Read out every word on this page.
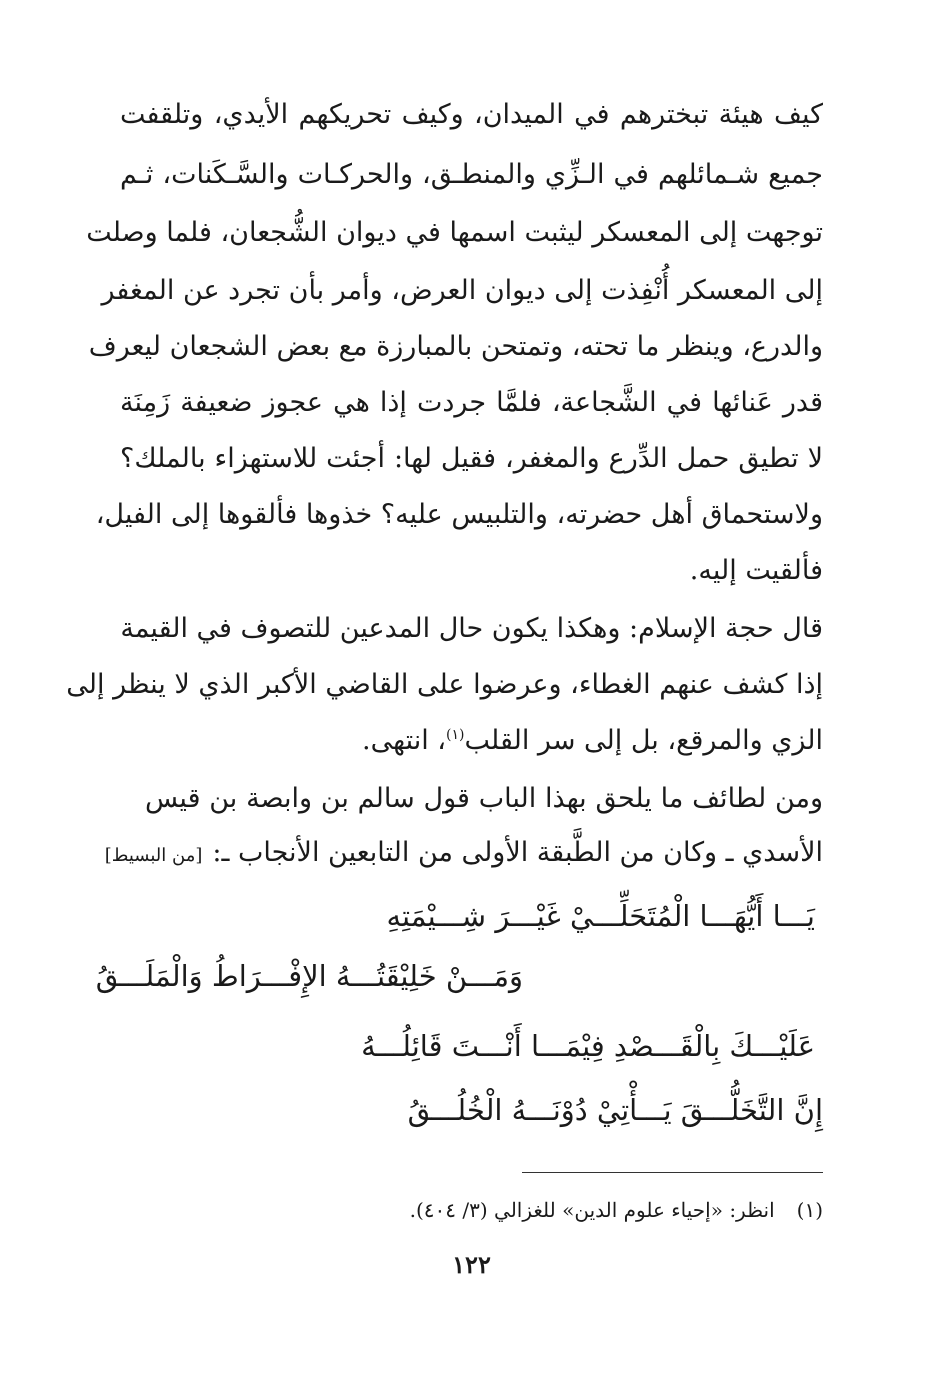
كيف هيئة تبخترهم في الميدان، وكيف تحريكهم الأيدي، وتلقفت
جميع شـمائلهم في الـزِّي والمنطـق، والحركـات والسَّـكَنات، ثـم
توجهت إلى المعسكر ليثبت اسمها في ديوان الشُّجعان، فلما وصلت
إلى المعسكر أُنْفِذت إلى ديوان العرض، وأمر بأن تجرد عن المغفر
والدرع، وينظر ما تحته، وتمتحن بالمبارزة مع بعض الشجعان ليعرف
قدر عَنائها في الشَّجاعة، فلمَّا جردت إذا هي عجوز ضعيفة زَمِنَة
لا تطيق حمل الدِّرع والمغفر، فقيل لها: أجئت للاستهزاء بالملك؟
ولاستحماق أهل حضرته، والتلبيس عليه؟ خذوها فألقوها إلى الفيل،
فألقيت إليه.
قال حجة الإسلام: وهكذا يكون حال المدعين للتصوف في القيمة
إذا كشف عنهم الغطاء، وعرضوا على القاضي الأكبر الذي لا ينظر إلى
الزي والمرقع، بل إلى سر القلب$^{(١)}$، انتهى.
ومن لطائف ما يلحق بهذا الباب قول سالم بن وابصة بن قيس
الأسدي ـ وكان من الطَّبقة الأولى من التابعين الأنجاب ـ:[من البسيط]
يَـــا أَيُّهَـــا الْمُتَحَلِّـــيْ غَيْـــرَ شِـــيْمَتِهِ
وَمَـــنْ خَلِيْقَتُـــهُ الإِفْـــرَاطُ وَالْمَلَـــقُ
عَلَيْـــكَ بِالْقَـــصْدِ فِيْمَـــا أَنْـــتَ قَائِلُـــهُ
إِنَّ التَّخَلُّـــقَ يَـــأْتِيْ دُوْنَـــهُ الْخُلُـــقُ
(١)انظر: «إحياء علوم الدين» للغزالي (٣/ ٤٠٤).
١٢٢
